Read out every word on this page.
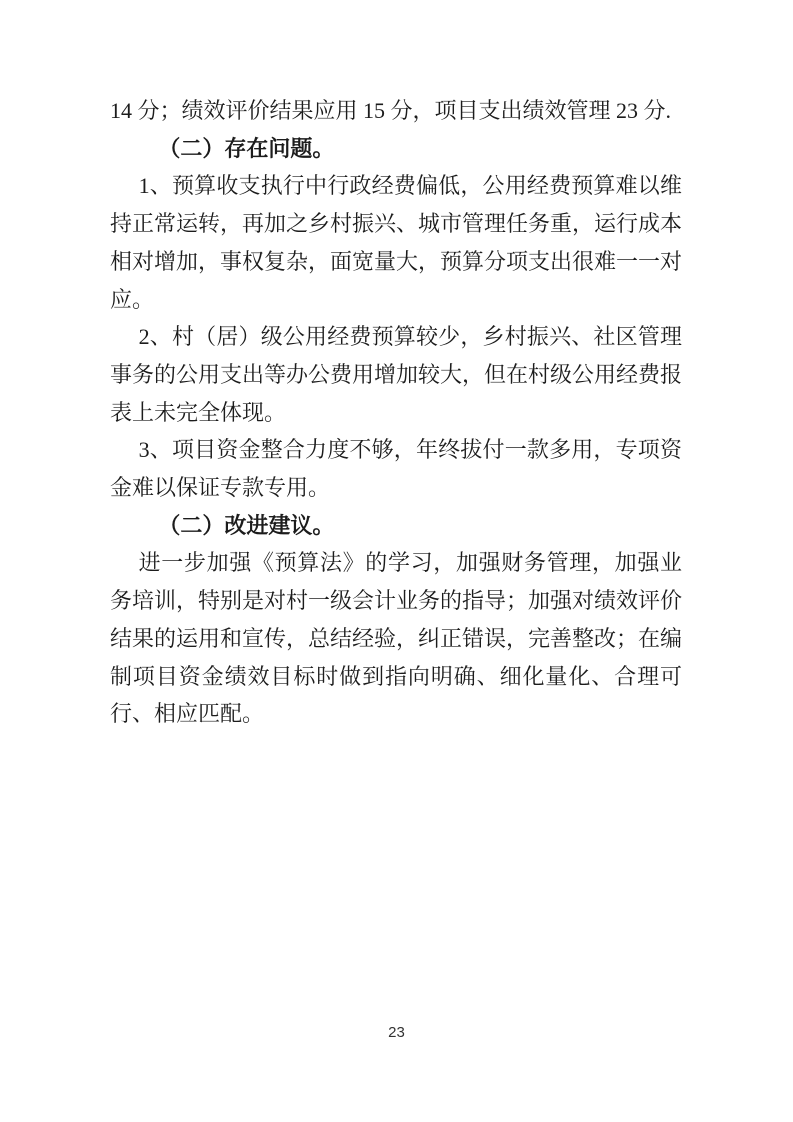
14 分；绩效评价结果应用 15 分，项目支出绩效管理 23 分.

（二）存在问题。

1、预算收支执行中行政经费偏低，公用经费预算难以维持正常运转，再加之乡村振兴、城市管理任务重，运行成本相对增加，事权复杂，面宽量大，预算分项支出很难一一对应。

2、村（居）级公用经费预算较少，乡村振兴、社区管理事务的公用支出等办公费用增加较大，但在村级公用经费报表上未完全体现。

3、项目资金整合力度不够，年终拔付一款多用，专项资金难以保证专款专用。

（二）改进建议。

进一步加强《预算法》的学习，加强财务管理，加强业务培训，特别是对村一级会计业务的指导；加强对绩效评价结果的运用和宣传，总结经验，纠正错误，完善整改；在编制项目资金绩效目标时做到指向明确、细化量化、合理可行、相应匹配。

23
